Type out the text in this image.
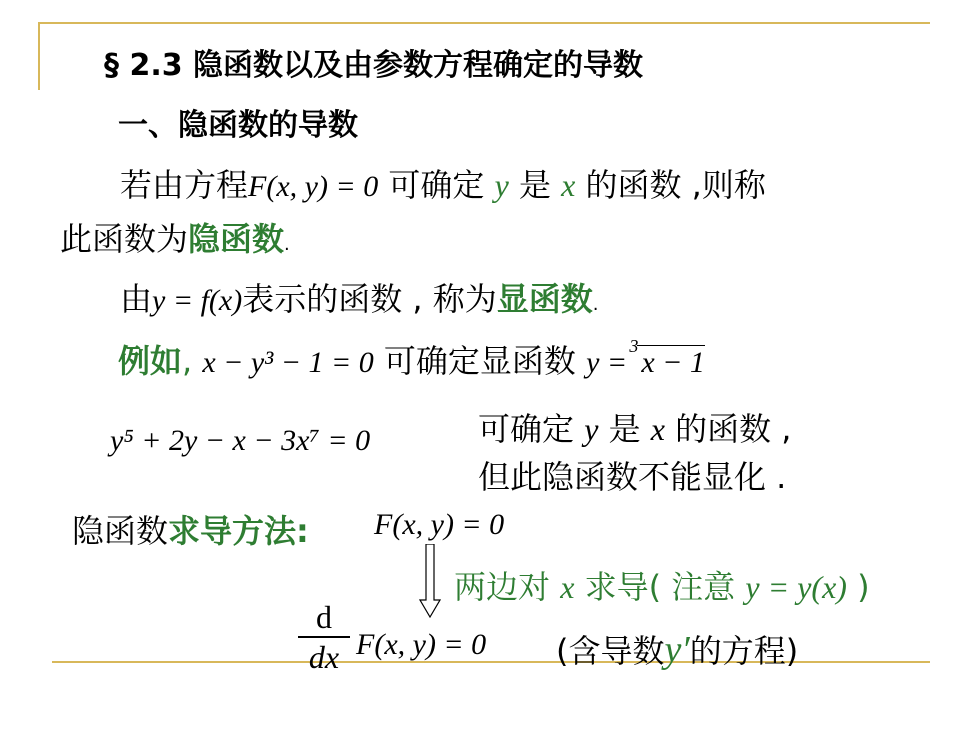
§ 2.3 隐函数以及由参数方程确定的导数
一、隐函数的导数
若由方程F(x, y) = 0 可确定 y 是 x 的函数 ,则称
此函数为隐函数.
由y = f(x)表示的函数 , 称为显函数.
例如, x − y³ − 1 = 0 可确定显函数 y = 3 x − 1
y⁵ + 2y − x − 3x⁷ = 0	可确定 y 是 x 的函数 ,
但此隐函数不能显化 .
隐函数求导方法: F(x, y) = 0
两边对 x 求导( 注意 y = y(x) )
d
dx F(x, y) = 0 (含导数y′的方程)
